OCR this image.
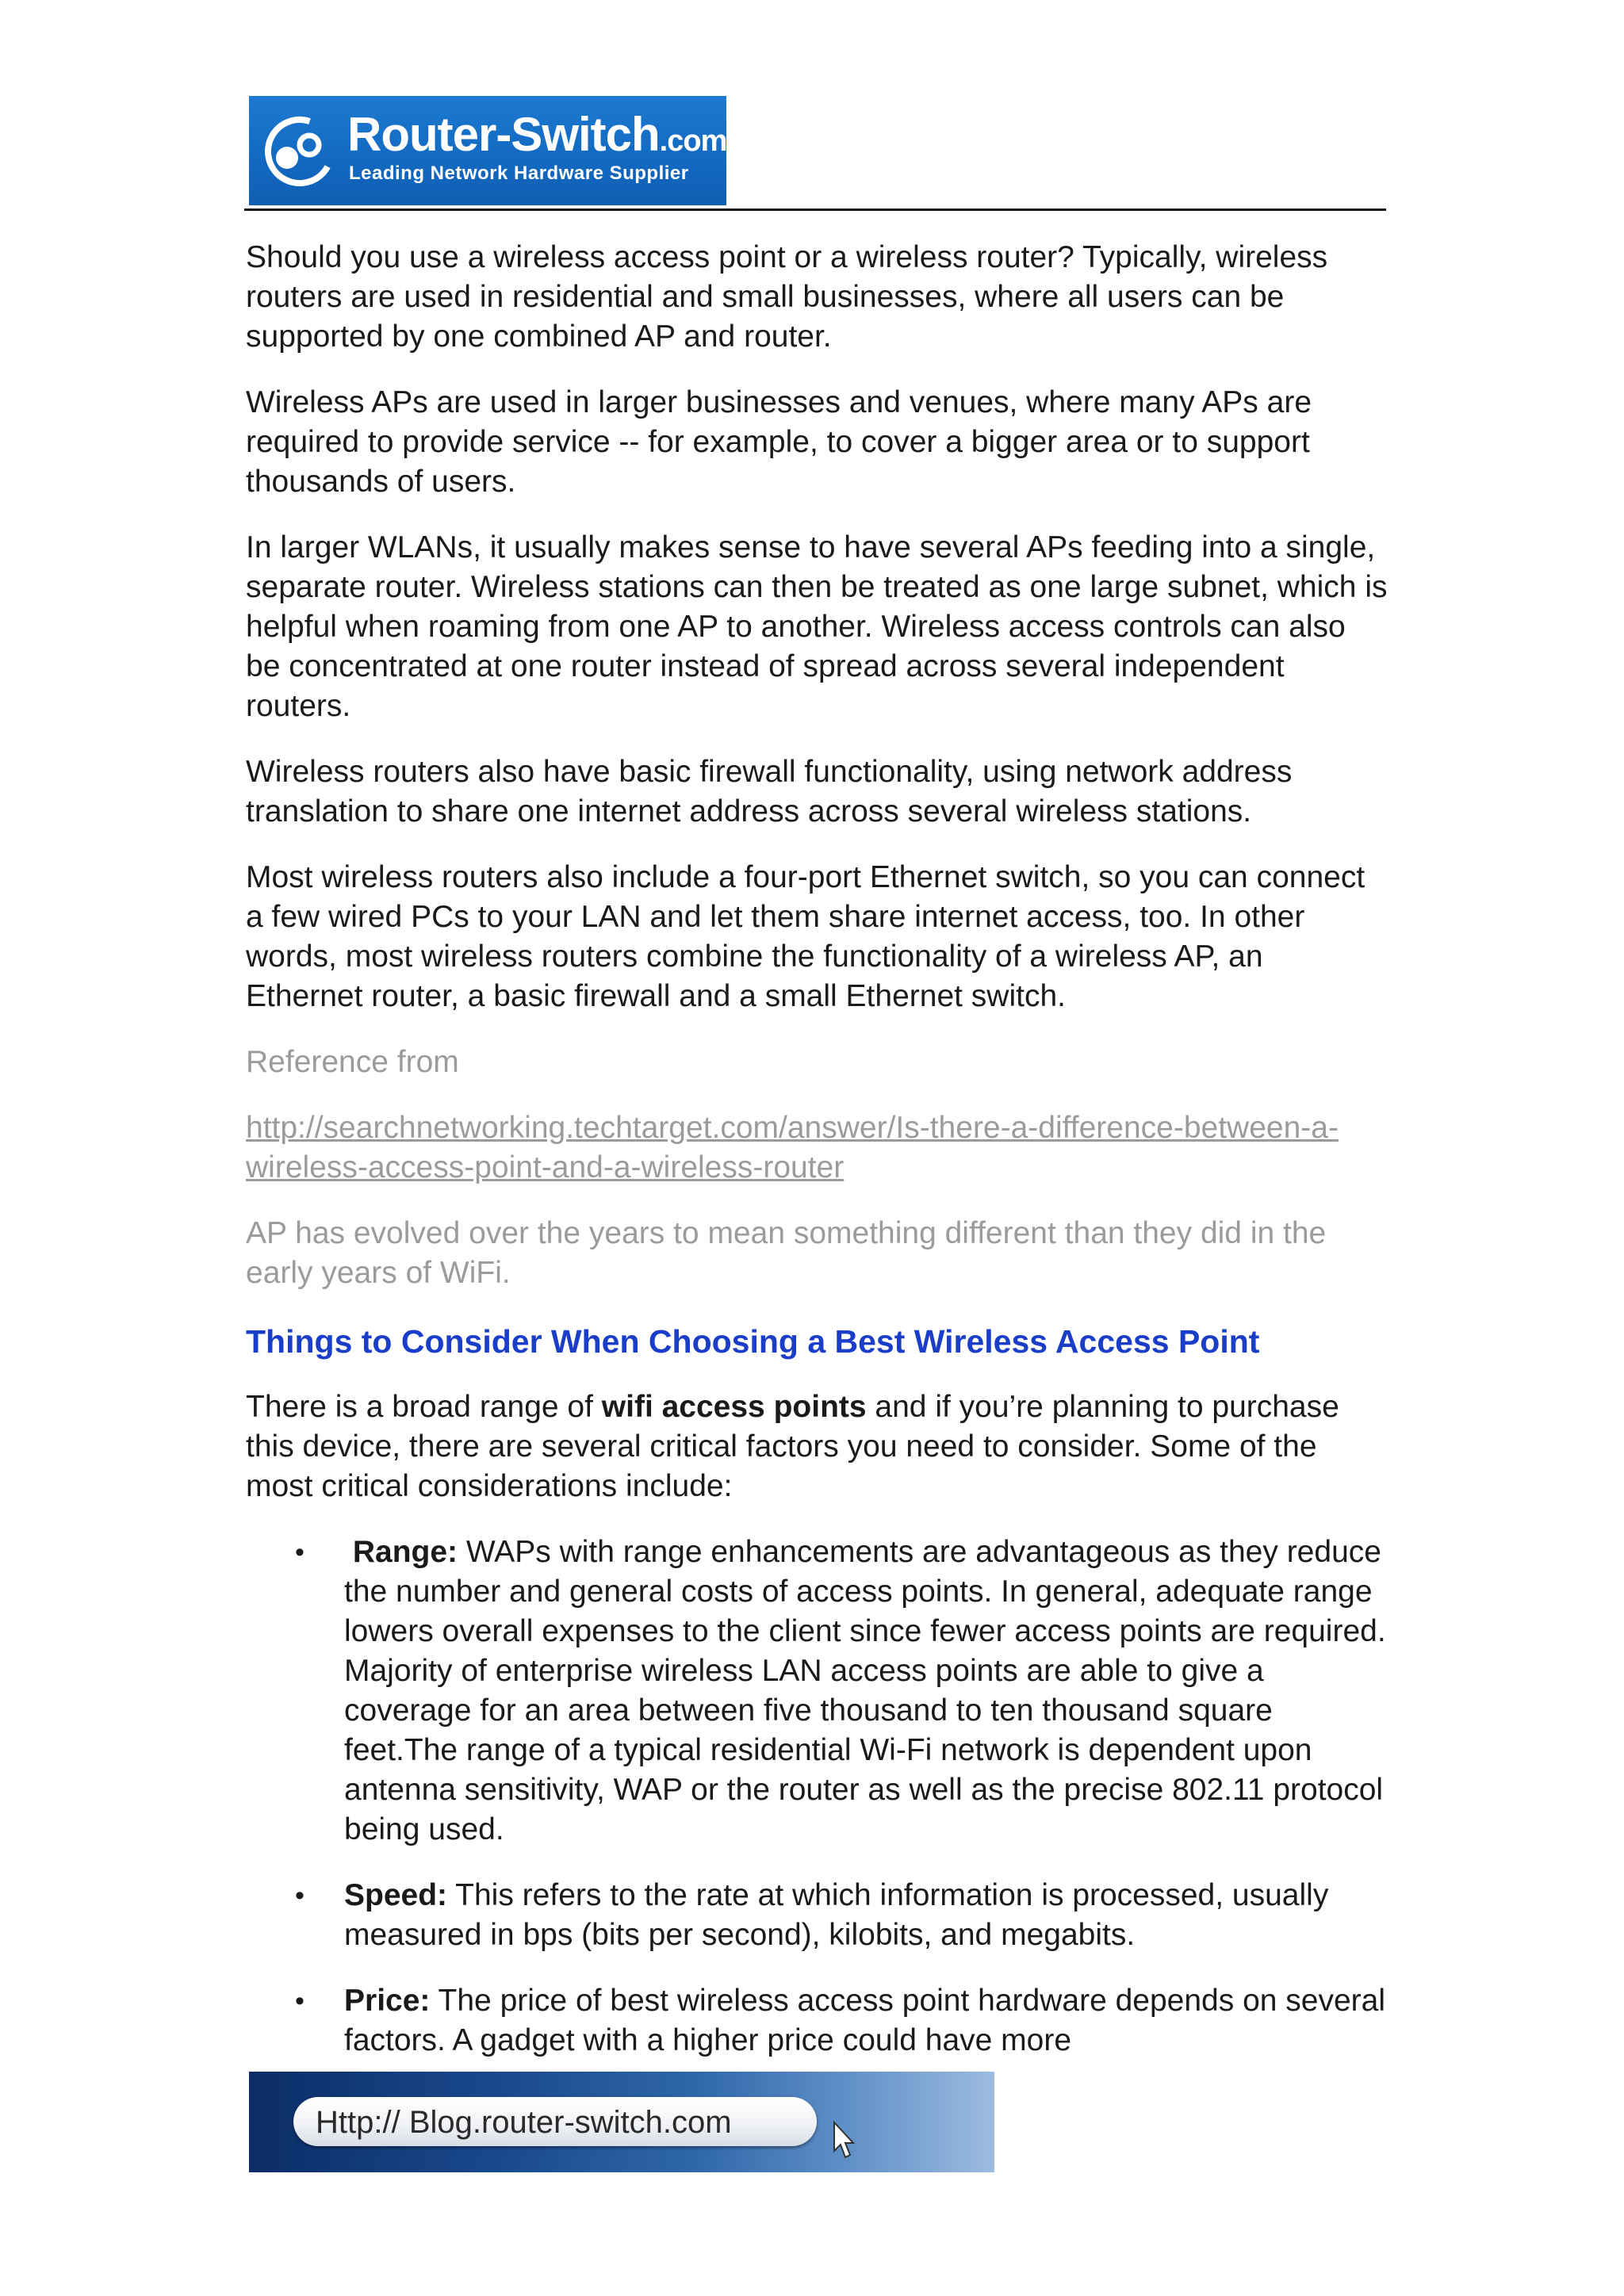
Router-Switch.com
Leading Network Hardware Supplier

Should you use a wireless access point or a wireless router? Typically, wireless routers are used in residential and small businesses, where all users can be supported by one combined AP and router.

Wireless APs are used in larger businesses and venues, where many APs are required to provide service -- for example, to cover a bigger area or to support thousands of users.

In larger WLANs, it usually makes sense to have several APs feeding into a single, separate router. Wireless stations can then be treated as one large subnet, which is helpful when roaming from one AP to another. Wireless access controls can also be concentrated at one router instead of spread across several independent routers.

Wireless routers also have basic firewall functionality, using network address translation to share one internet address across several wireless stations.

Most wireless routers also include a four-port Ethernet switch, so you can connect a few wired PCs to your LAN and let them share internet access, too. In other words, most wireless routers combine the functionality of a wireless AP, an Ethernet router, a basic firewall and a small Ethernet switch.

Reference from

http://searchnetworking.techtarget.com/answer/Is-there-a-difference-between-a-wireless-access-point-and-a-wireless-router

AP has evolved over the years to mean something different than they did in the early years of WiFi.

Things to Consider When Choosing a Best Wireless Access Point

There is a broad range of wifi access points and if you’re planning to purchase this device, there are several critical factors you need to consider. Some of the most critical considerations include:

• Range: WAPs with range enhancements are advantageous as they reduce the number and general costs of access points. In general, adequate range lowers overall expenses to the client since fewer access points are required. Majority of enterprise wireless LAN access points are able to give a coverage for an area between five thousand to ten thousand square feet.The range of a typical residential Wi-Fi network is dependent upon antenna sensitivity, WAP or the router as well as the precise 802.11 protocol being used.
• Speed: This refers to the rate at which information is processed, usually measured in bps (bits per second), kilobits, and megabits.
• Price: The price of best wireless access point hardware depends on several factors. A gadget with a higher price could have more
Http:// Blog.router-switch.com
